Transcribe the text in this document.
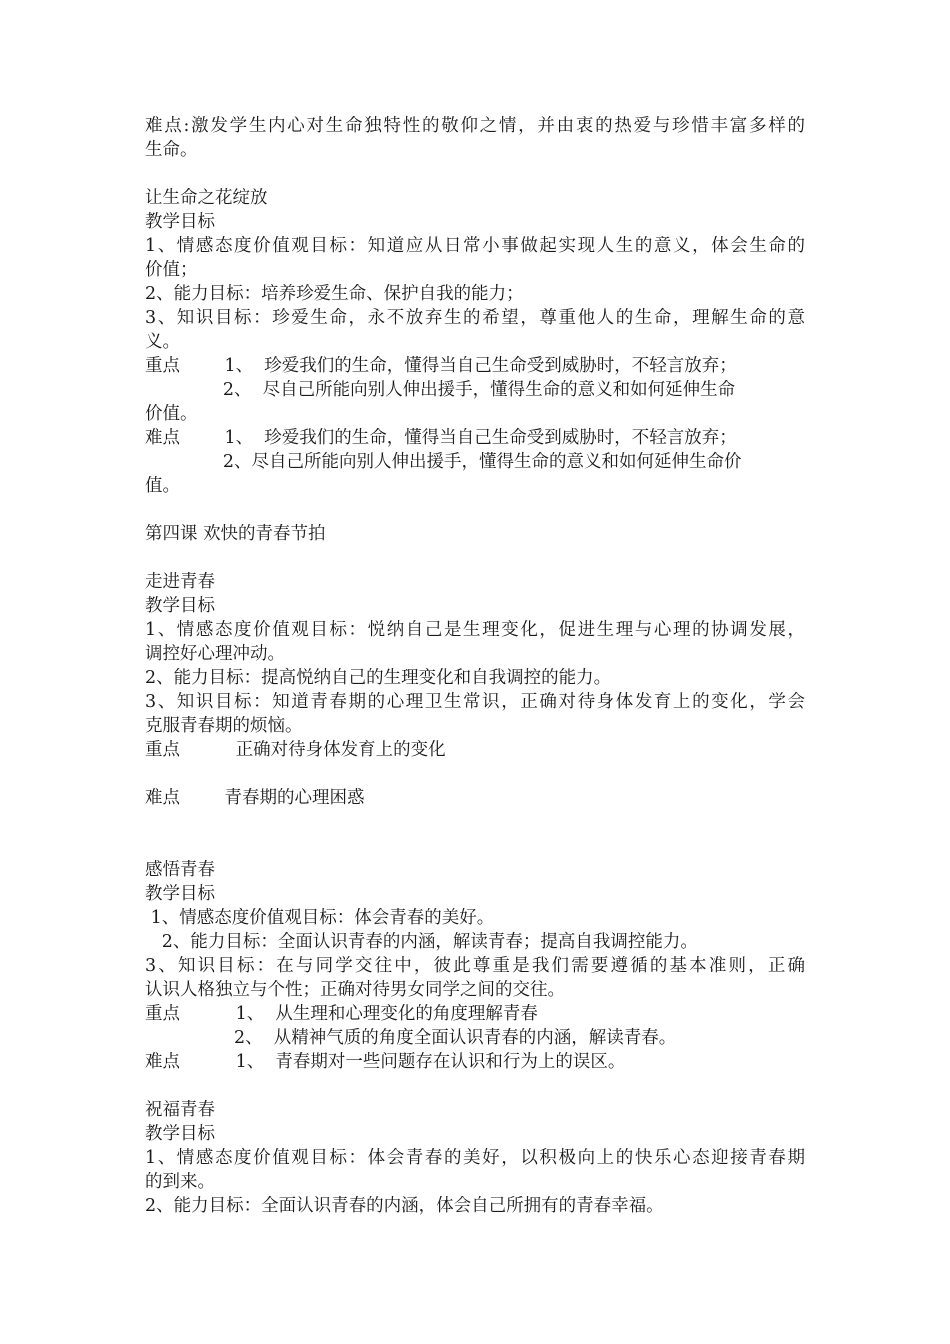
难点:激发学生内心对生命独特性的敬仰之情，并由衷的热爱与珍惜丰富多样的
生命。
让生命之花绽放
教学目标
1、情感态度价值观目标：知道应从日常小事做起实现人生的意义，体会生命的
价值；
2、能力目标：培养珍爱生命、保护自我的能力；
3、知识目标：珍爱生命，永不放弃生的希望，尊重他人的生命，理解生命的意
义。
重点        1、  珍爱我们的生命，懂得当自己生命受到威胁时，不轻言放弃；
2、  尽自己所能向别人伸出援手，懂得生命的意义和如何延伸生命
价值。
难点        1、  珍爱我们的生命，懂得当自己生命受到威胁时，不轻言放弃；
2、尽自己所能向别人伸出援手，懂得生命的意义和如何延伸生命价
值。
第四课 欢快的青春节拍
走进青春
教学目标
1、情感态度价值观目标：悦纳自己是生理变化，促进生理与心理的协调发展，
调控好心理冲动。
2、能力目标：提高悦纳自己的生理变化和自我调控的能力。
3、知识目标：知道青春期的心理卫生常识，正确对待身体发育上的变化，学会
克服青春期的烦恼。
重点          正确对待身体发育上的变化
难点        青春期的心理困惑
感悟青春
教学目标
1、情感态度价值观目标：体会青春的美好。
2、能力目标：全面认识青春的内涵，解读青春；提高自我调控能力。
3、知识目标：在与同学交往中，彼此尊重是我们需要遵循的基本准则，正确
认识人格独立与个性；正确对待男女同学之间的交往。
重点          1、  从生理和心理变化的角度理解青春
2、  从精神气质的角度全面认识青春的内涵，解读青春。
难点          1、  青春期对一些问题存在认识和行为上的误区。
祝福青春
教学目标
1、情感态度价值观目标：体会青春的美好，以积极向上的快乐心态迎接青春期
的到来。
2、能力目标：全面认识青春的内涵，体会自己所拥有的青春幸福。
